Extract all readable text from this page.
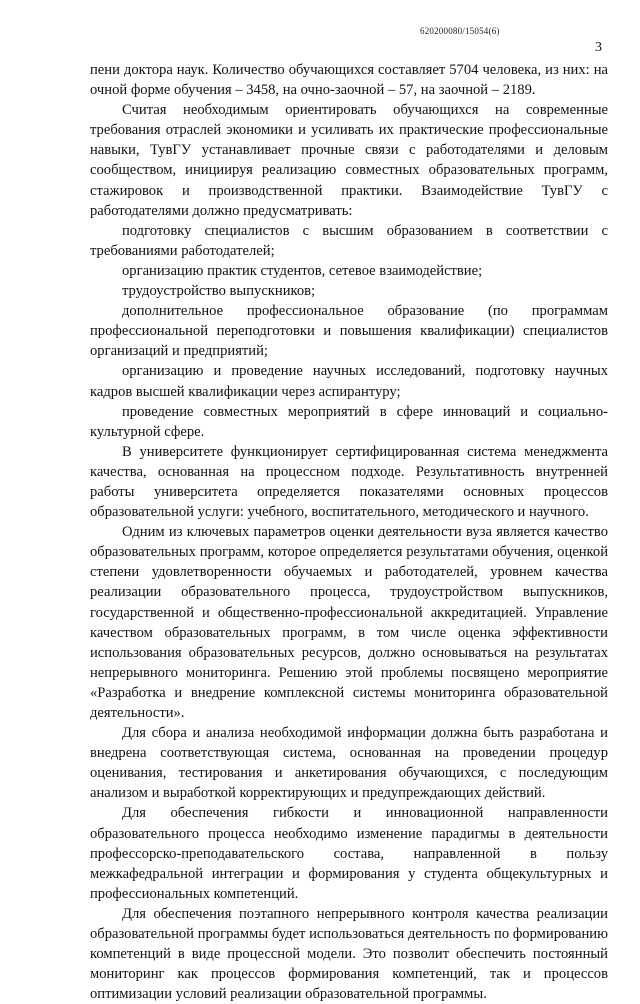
620200080/15054(6)
3

пени доктора наук. Количество обучающихся составляет 5704 человека, из них: на очной форме обучения – 3458, на очно-заочной – 57, на заочной – 2189.

Считая необходимым ориентировать обучающихся на современные требования отраслей экономики и усиливать их практические профессиональные навыки, ТувГУ устанавливает прочные связи с работодателями и деловым сообществом, инициируя реализацию совместных образовательных программ, стажировок и производственной практики. Взаимодействие ТувГУ с работодателями должно предусматривать:

подготовку специалистов с высшим образованием в соответствии с требованиями работодателей;

организацию практик студентов, сетевое взаимодействие;

трудоустройство выпускников;

дополнительное профессиональное образование (по программам профессиональной переподготовки и повышения квалификации) специалистов организаций и предприятий;

организацию и проведение научных исследований, подготовку научных кадров высшей квалификации через аспирантуру;

проведение совместных мероприятий в сфере инноваций и социально-культурной сфере.

В университете функционирует сертифицированная система менеджмента качества, основанная на процессном подходе. Результативность внутренней работы университета определяется показателями основных процессов образовательной услуги: учебного, воспитательного, методического и научного.

Одним из ключевых параметров оценки деятельности вуза является качество образовательных программ, которое определяется результатами обучения, оценкой степени удовлетворенности обучаемых и работодателей, уровнем качества реализации образовательного процесса, трудоустройством выпускников, государственной и общественно-профессиональной аккредитацией. Управление качеством образовательных программ, в том числе оценка эффективности использования образовательных ресурсов, должно основываться на результатах непрерывного мониторинга. Решению этой проблемы посвящено мероприятие «Разработка и внедрение комплексной системы мониторинга образовательной деятельности».

Для сбора и анализа необходимой информации должна быть разработана и внедрена соответствующая система, основанная на проведении процедур оценивания, тестирования и анкетирования обучающихся, с последующим анализом и выработкой корректирующих и предупреждающих действий.

Для обеспечения гибкости и инновационной направленности образовательного процесса необходимо изменение парадигмы в деятельности профессорско-преподавательского состава, направленной в пользу межкафедральной интеграции и формирования у студента общекультурных и профессиональных компетенций.

Для обеспечения поэтапного непрерывного контроля качества реализации образовательной программы будет использоваться деятельность по формированию компетенций в виде процессной модели. Это позволит обеспечить постоянный мониторинг как процессов формирования компетенций, так и процессов оптимизации условий реализации образовательной программы.
